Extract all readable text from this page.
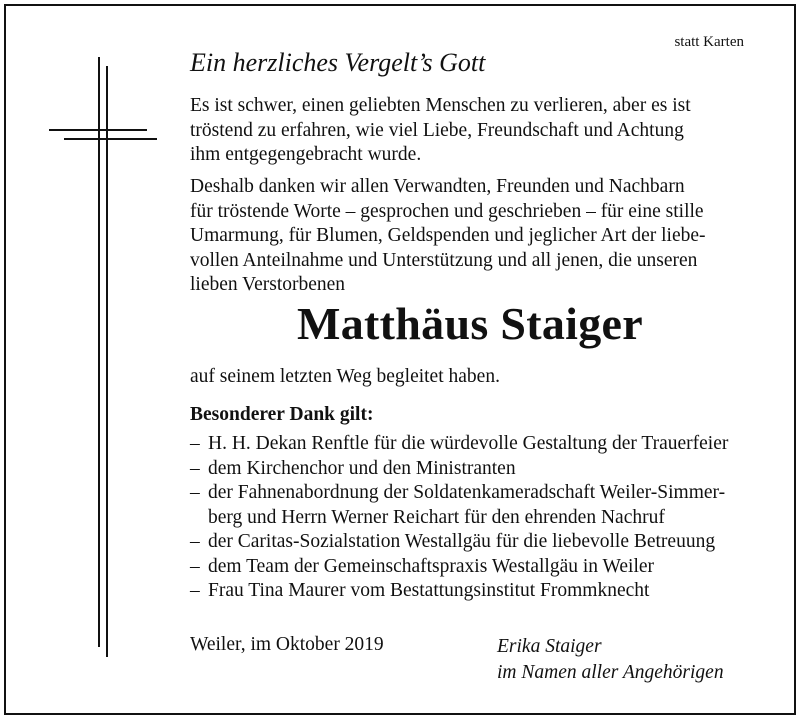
statt Karten
Ein herzliches Vergelt’s Gott
Es ist schwer, einen geliebten Menschen zu verlieren, aber es ist
tröstend zu erfahren, wie viel Liebe, Freundschaft und Achtung
ihm entgegengebracht wurde.
Deshalb danken wir allen Verwandten, Freunden und Nachbarn
für tröstende Worte – gesprochen und geschrieben – für eine stille
Umarmung, für Blumen, Geldspenden und jeglicher Art der liebe-
vollen Anteilnahme und Unterstützung und all jenen, die unseren
lieben Verstorbenen
Matthäus Staiger
auf seinem letzten Weg begleitet haben.
Besonderer Dank gilt:
– H. H. Dekan Renftle für die würdevolle Gestaltung der Trauerfeier
– dem Kirchenchor und den Ministranten
– der Fahnenabordnung der Soldatenkameradschaft Weiler-Simmer-
berg und Herrn Werner Reichart für den ehrenden Nachruf
– der Caritas-Sozialstation Westallgäu für die liebevolle Betreuung
– dem Team der Gemeinschaftspraxis Westallgäu in Weiler
– Frau Tina Maurer vom Bestattungsinstitut Frommknecht
Weiler, im Oktober 2019	Erika Staiger
im Namen aller Angehörigen
